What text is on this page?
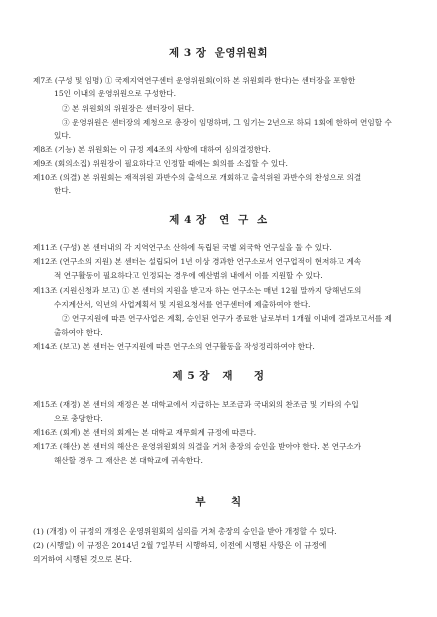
제 3 장  운영위원회
제7조 (구성 및 임명) ① 국제지역연구센터 운영위원회(이하 본 위원회라 한다)는 센터장을 포함한
15인 이내의 운영위원으로 구성한다.
② 본 위원회의 위원장은 센터장이 된다.
③ 운영위원은 센터장의 제청으로 총장이 임명하며, 그 임기는 2년으로 하되 1회에 한하여 연임할 수
있다.
제8조 (기능) 본 위원회는 이 규정 제4조의 사항에 대하여 심의결정한다.
제9조 (회의소집) 위원장이 필요하다고 인정할 때에는 회의를 소집할 수 있다.
제10조 (의결) 본 위원회는 재적위원 과반수의 출석으로 개회하고 출석위원 과반수의 찬성으로 의결
한다.
제 4 장   연  구  소
제11조 (구성) 본 센터내의 각 지역연구소 산하에 독립된 국별 외국학 연구실을 둘 수 있다.
제12조 (연구소의 지원) 본 센터는 설립되어 1년 이상 경과한 연구소로서 연구업적이 현저하고 계속
적 연구활동이 필요하다고 인정되는 경우에 예산범위 내에서 이를 지원할 수 있다.
제13조 (지원신청과 보고) ① 본 센터의 지원을 받고자 하는 연구소는 매년 12월 말까지 당해년도의
수지계산서, 익년의 사업계획서 및 지원요청서를 연구센터에 제출하여야 한다.
② 연구지원에 따른 연구사업은 계획, 승인된 연구가 종료한 날로부터 1개월 이내에 결과보고서를 제
출하여야 한다.
제14조 (보고) 본 센터는 연구지원에 따른 연구소의 연구활동을 작성정리하여야 한다.
제 5 장   재     정
제15조 (재정) 본 센터의 재정은 본 대학교에서 지급하는 보조금과 국내외의 찬조금 및 기타의 수입
으로 충당한다.
제16조 (회계) 본 센터의 회계는 본 대학교 재무회계 규정에 따른다.
제17조 (해산) 본 센터의 해산은 운영위원회의 의결을 거쳐 총장의 승인을 받아야 한다. 본 연구소가
해산할 경우 그 재산은 본 대학교에 귀속한다.
부      칙
(1) (개정) 이 규정의 개정은 운영위원회의 심의를 거쳐 총장의 승인을 받아 개정할 수 있다.
(2) (시행일) 이 규정은 2014년 2월 7일부터 시행하되, 이전에 시행된 사항은 이 규정에
의거하여 시행된 것으로 본다.
